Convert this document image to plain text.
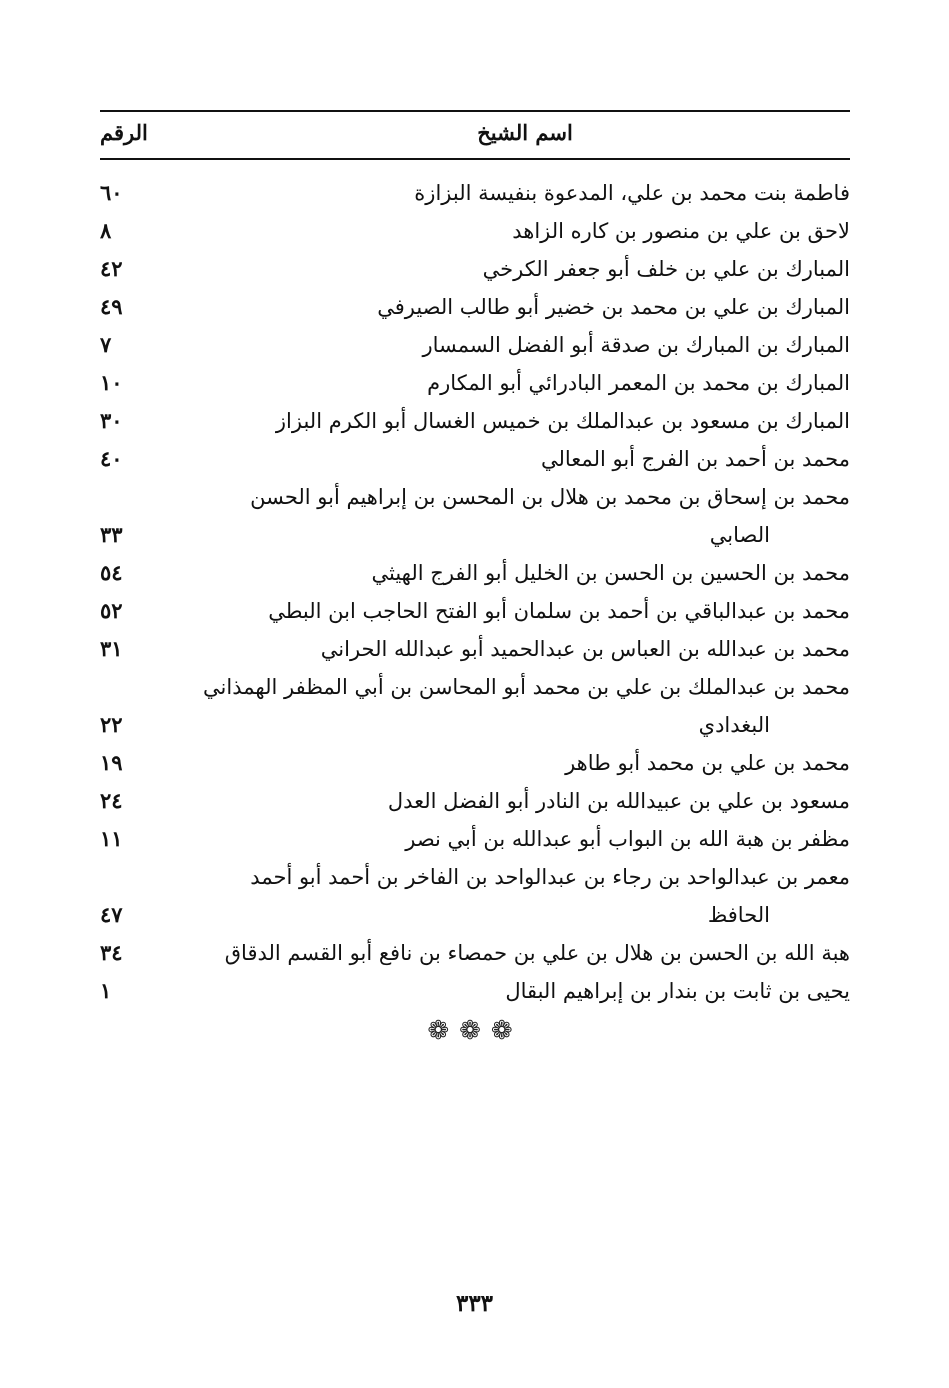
اسم الشيخ
الرقم
فاطمة بنت محمد بن علي، المدعوة بنفيسة البزازة
٦٠
لاحق بن علي بن منصور بن كاره الزاهد
٨
المبارك بن علي بن خلف أبو جعفر الكرخي
٤٢
المبارك بن علي بن محمد بن خضير أبو طالب الصيرفي
٤٩
المبارك بن المبارك بن صدقة أبو الفضل السمسار
٧
المبارك بن محمد بن المعمر البادرائي أبو المكارم
١٠
المبارك بن مسعود بن عبدالملك بن خميس الغسال أبو الكرم البزاز
٣٠
محمد بن أحمد بن الفرج أبو المعالي
٤٠
محمد بن إسحاق بن محمد بن هلال بن المحسن بن إبراهيم أبو الحسن
الصابي
٣٣
محمد بن الحسين بن الحسن بن الخليل أبو الفرج الهيثي
٥٤
محمد بن عبدالباقي بن أحمد بن سلمان أبو الفتح الحاجب ابن البطي
٥٢
محمد بن عبدالله بن العباس بن عبدالحميد أبو عبدالله الحراني
٣١
محمد بن عبدالملك بن علي بن محمد أبو المحاسن بن أبي المظفر الهمذاني
البغدادي
٢٢
محمد بن علي بن محمد أبو طاهر
١٩
مسعود بن علي بن عبيدالله بن النادر أبو الفضل العدل
٢٤
مظفر بن هبة الله بن البواب أبو عبدالله بن أبي نصر
١١
معمر بن عبدالواحد بن رجاء بن عبدالواحد بن الفاخر بن أحمد أبو أحمد
الحافظ
٤٧
هبة الله بن الحسن بن هلال بن علي بن حمصاء بن نافع أبو القسم الدقاق
٣٤
يحيى بن ثابت بن بندار بن إبراهيم البقال
١
❁❁❁
٣٣٣
